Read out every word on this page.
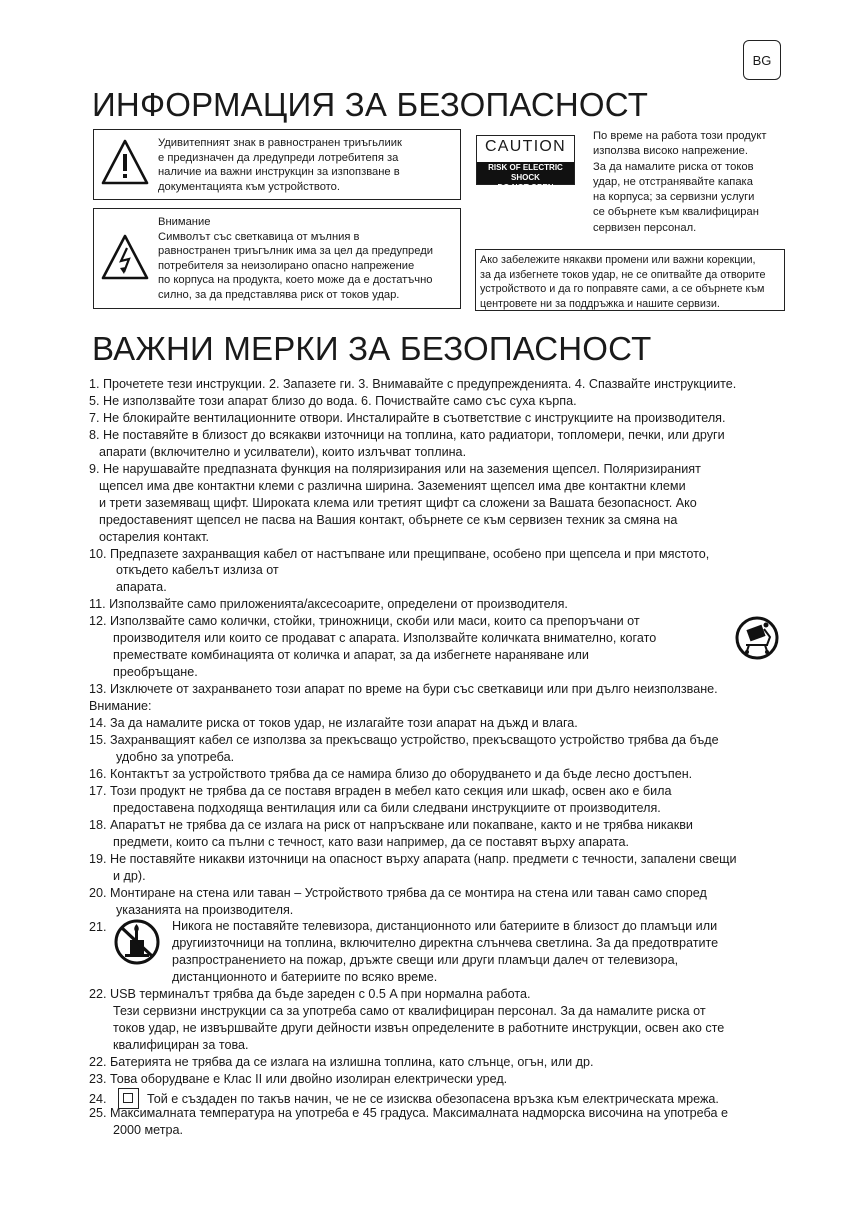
BG
ИНФОРМАЦИЯ ЗА БЕЗОПАСНОСТ
Удивитепният знак в равностранен триъгьлиик
е предизначен да лредупреди лотребитепя за
наличие иа важни инструкцин за изпопзване в
документацията към устройството.
Внимание
Символът със светкавица от мълния в
равностранен триъгълник има за цел да предупреди
потребителя за неизолирано опасно напрежение
по корпуса на продукта, което може да е достатъчно
силно, за да представлява риск от токов удар.
CAUTION
RISK OF ELECTRIC SHOCK
DO NOT OPEN
По време на работа този продукт
използва високо напрежение.
За да намалите риска от токов
удар, не отстранявайте капака
на корпуса; за сервизни услуги
се обърнете към квалифициран
сервизен персонал.
Ако забележите някакви промени или важни корекции,
за да избегнете токов удар, не се опитвайте да отворите
устройството и да го поправяте сами, а се обърнете към
центровете ни за поддръжка и нашите сервизи.
ВАЖНИ МЕРКИ ЗА БЕЗОПАСНОСТ
1. Прочетете тези инструкции. 2. Запазете ги. 3. Внимавайте с предупрежденията. 4. Спазвайте инструкциите.
5. Не използвайте този апарат близо до вода. 6. Почиствайте само със суха кърпа.
7. Не блокирайте вентилационните отвори. Инсталирайте в съответствие с инструкциите на производителя.
8. Не поставяйте в близост до всякакви източници на топлина, като радиатори, топломери, печки, или други
апарати (включително и усилватели), които излъчват топлина.
9. Не нарушавайте предпазната функция на поляризирания или на заземения щепсел. Поляризираният
щепсел има две контактни клеми с различна ширина. Заземеният щепсел има две контактни клеми
и трети заземяващ щифт. Широката клема или третият щифт са сложени за Вашата безопасност. Ако
предоставеният щепсел не пасва на Вашия контакт, обърнете се към сервизен техник за смяна на
остарелия контакт.
10. Предпазете захранващия кабел от настъпване или прещипване, особено при щепсела и при мястото,
откъдето кабелът излиза от
апарата.
11. Използвайте само приложенията/аксесоарите, определени от производителя.
12. Използвайте само колички, стойки, триножници, скоби или маси, които са препоръчани от
производителя или които се продават с апарата. Използвайте количката внимателно, когато
премествате комбинацията от количка и апарат, за да избегнете нараняване или
преобръщане.
13. Изключете от захранването този апарат по време на бури със светкавици или при дълго неизползване.
Внимание:
14. За да намалите риска от токов удар, не излагайте този апарат на дъжд и влага.
15. Захранващият кабел се използва за прекъсващо устройство, прекъсващото устройство трябва да бъде
удобно за употреба.
16. Контактът за устройството трябва да се намира близо до оборудването и да бъде лесно достъпен.
17. Този продукт не трябва да се поставя вграден в мебел като секция или шкаф, освен ако е била
предоставена подходяща вентилация или са били следвани инструкциите от производителя.
18. Апаратът не трябва да се излага на риск от напръскване или покапване, както и не трябва никакви
предмети, които са пълни с течност, като вази например, да се поставят върху апарата.
19. Не поставяйте никакви източници на опасност върху апарата (напр. предмети с течности, запалени свещи
и др).
20. Монтиране на стена или таван – Устройството трябва да се монтира на стена или таван само според
указанията на производителя.
21.

22. USB терминалът трябва да бъде зареден с 0.5 A при нормална работа.
Тези сервизни инструкции са за употреба само от квалифициран персонал. За да намалите риска от
токов удар, не извършвайте други дейности извън определените в работните инструкции, освен ако сте
квалифициран за това.
22. Батерията не трябва да се излага на излишна топлина, като слънце, огън, или др.
23. Това оборудване е Клас II или двойно изолиран електрически уред.

25. Максималната температура на употреба е 45 градуса. Максималната надморска височина на употреба е
2000 метра.
Никога не поставяйте телевизора, дистанционното или батериите в близост до пламъци или
другиизточници на топлина, включително директна слънчева светлина. За да предотвратите
разпространението на пожар, дръжте свещи или други пламъци далеч от телевизора,
дистанционното и батериите по всяко време.
24.	Той е създаден по такъв начин, че не се изисква обезопасена връзка към електрическата мрежа.
